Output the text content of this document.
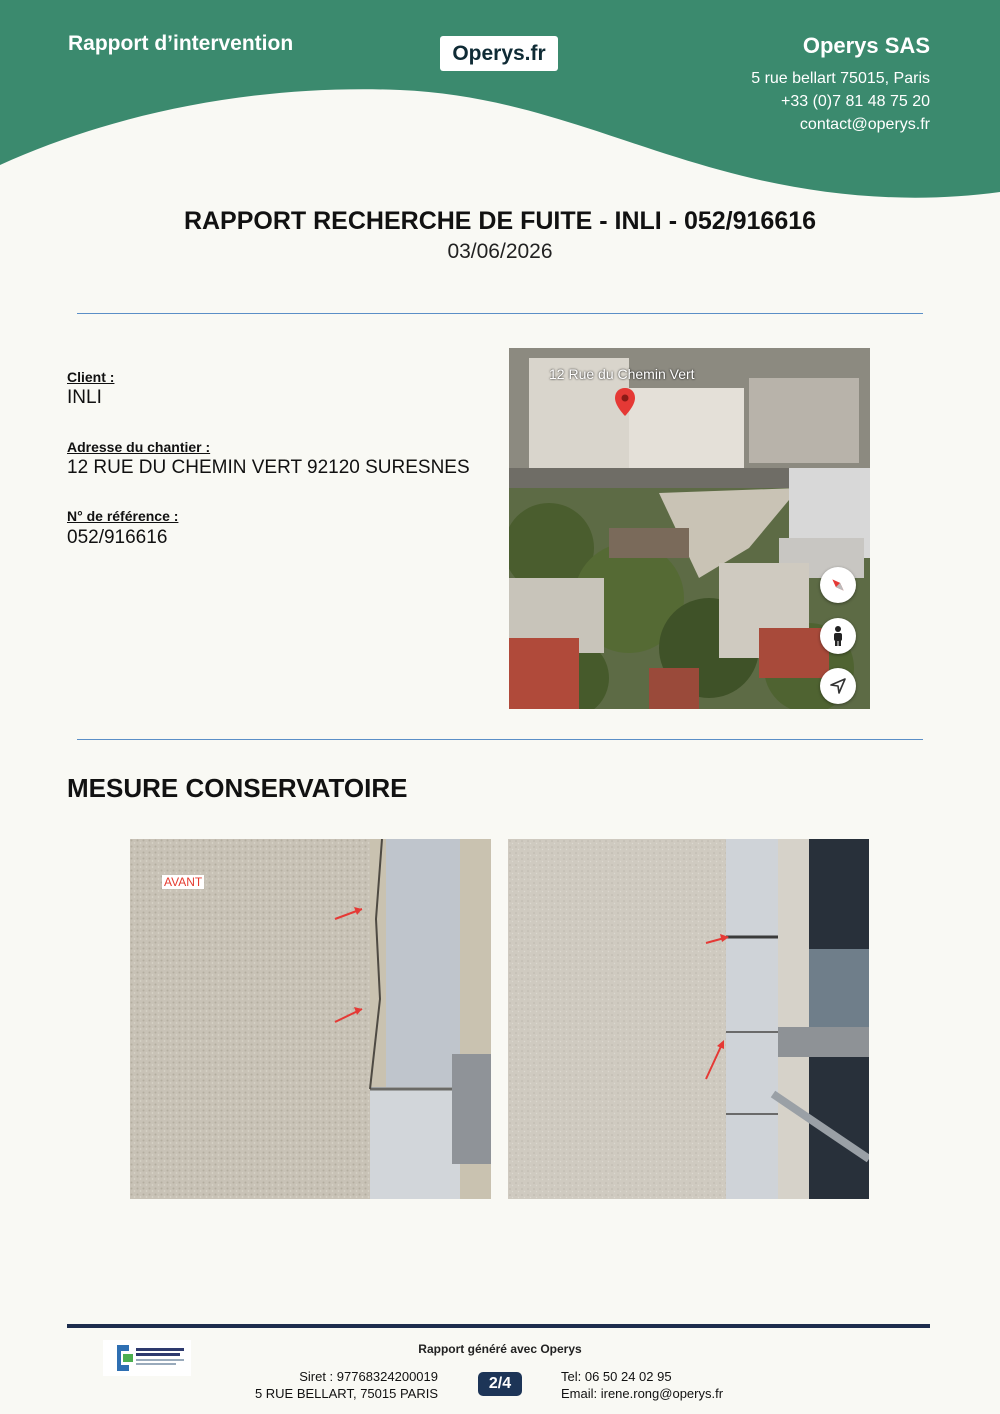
Rapport d’intervention	Operys.fr	Operys SAS
5 rue bellart 75015, Paris
+33 (0)7 81 48 75 20
contact@operys.fr
RAPPORT RECHERCHE DE FUITE - INLI - 052/916616
03/06/2026
Client :
INLI
Adresse du chantier :
12 RUE DU CHEMIN VERT 92120 SURESNES
N° de référence :
052/916616
12 Rue du Chemin Vert
MESURE CONSERVATOIRE
AVANT
Rapport généré avec Operys
Siret : 97768324200019
5 RUE BELLART, 75015 PARIS
2/4	Tel: 06 50 24 02 95
Email: irene.rong@operys.fr
